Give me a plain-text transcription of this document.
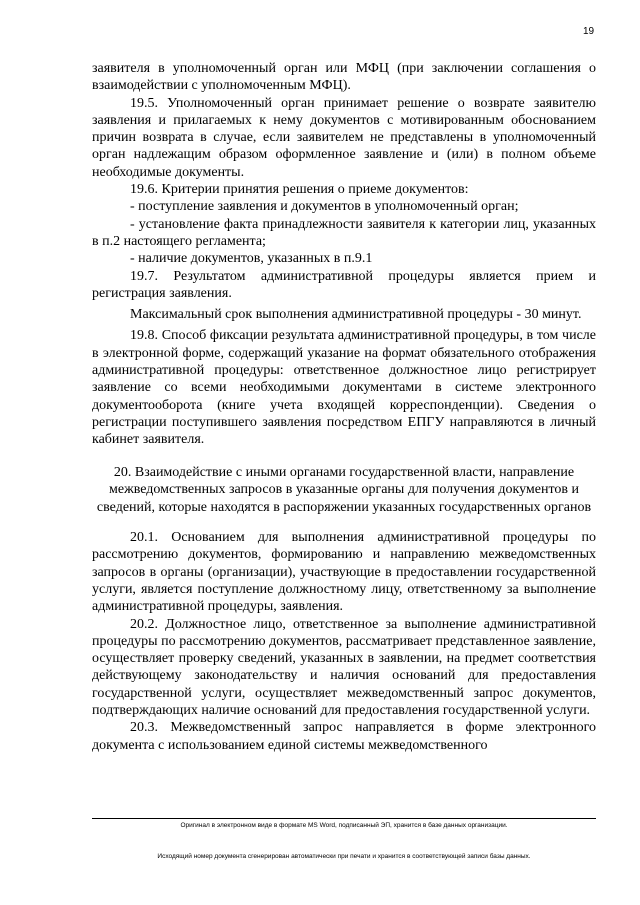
19

заявителя в уполномоченный орган или МФЦ (при заключении соглашения о взаимодействии с уполномоченным МФЦ).

19.5. Уполномоченный орган принимает решение о возврате заявителю заявления и прилагаемых к нему документов с мотивированным обоснованием причин возврата в случае, если заявителем не представлены в уполномоченный орган надлежащим образом оформленное заявление и (или) в полном объеме необходимые документы.

19.6. Критерии принятия решения о приеме документов:

- поступление заявления и документов в уполномоченный орган;

- установление факта принадлежности заявителя к категории лиц, указанных в п.2 настоящего регламента;

- наличие документов, указанных в п.9.1

19.7. Результатом административной процедуры является прием и регистрация заявления.

Максимальный срок выполнения административной процедуры - 30 минут.

19.8. Способ фиксации результата административной процедуры, в том числе в электронной форме, содержащий указание на формат обязательного отображения административной процедуры: ответственное должностное лицо регистрирует заявление со всеми необходимыми документами в системе электронного документооборота (книге учета входящей корреспонденции). Сведения о регистрации поступившего заявления посредством ЕПГУ направляются в личный кабинет заявителя.

20. Взаимодействие с иными органами государственной власти, направление межведомственных запросов в указанные органы для получения документов и сведений, которые находятся в распоряжении указанных государственных органов

20.1. Основанием для выполнения административной процедуры по рассмотрению документов, формированию и направлению межведомственных запросов в органы (организации), участвующие в предоставлении государственной услуги, является поступление должностному лицу, ответственному за выполнение административной процедуры, заявления.

20.2. Должностное лицо, ответственное за выполнение административной процедуры по рассмотрению документов, рассматривает представленное заявление, осуществляет проверку сведений, указанных в заявлении, на предмет соответствия действующему законодательству и наличия оснований для предоставления государственной услуги, осуществляет межведомственный запрос документов, подтверждающих наличие оснований для предоставления государственной услуги.

20.3. Межведомственный запрос направляется в форме электронного документа с использованием единой системы межведомственного

Оригинал в электронном виде в формате MS Word, подписанный ЭП, хранится в базе данных организации.
Исходящий номер документа сгенерирован автоматически при печати и хранится в соответствующей записи базы данных.
